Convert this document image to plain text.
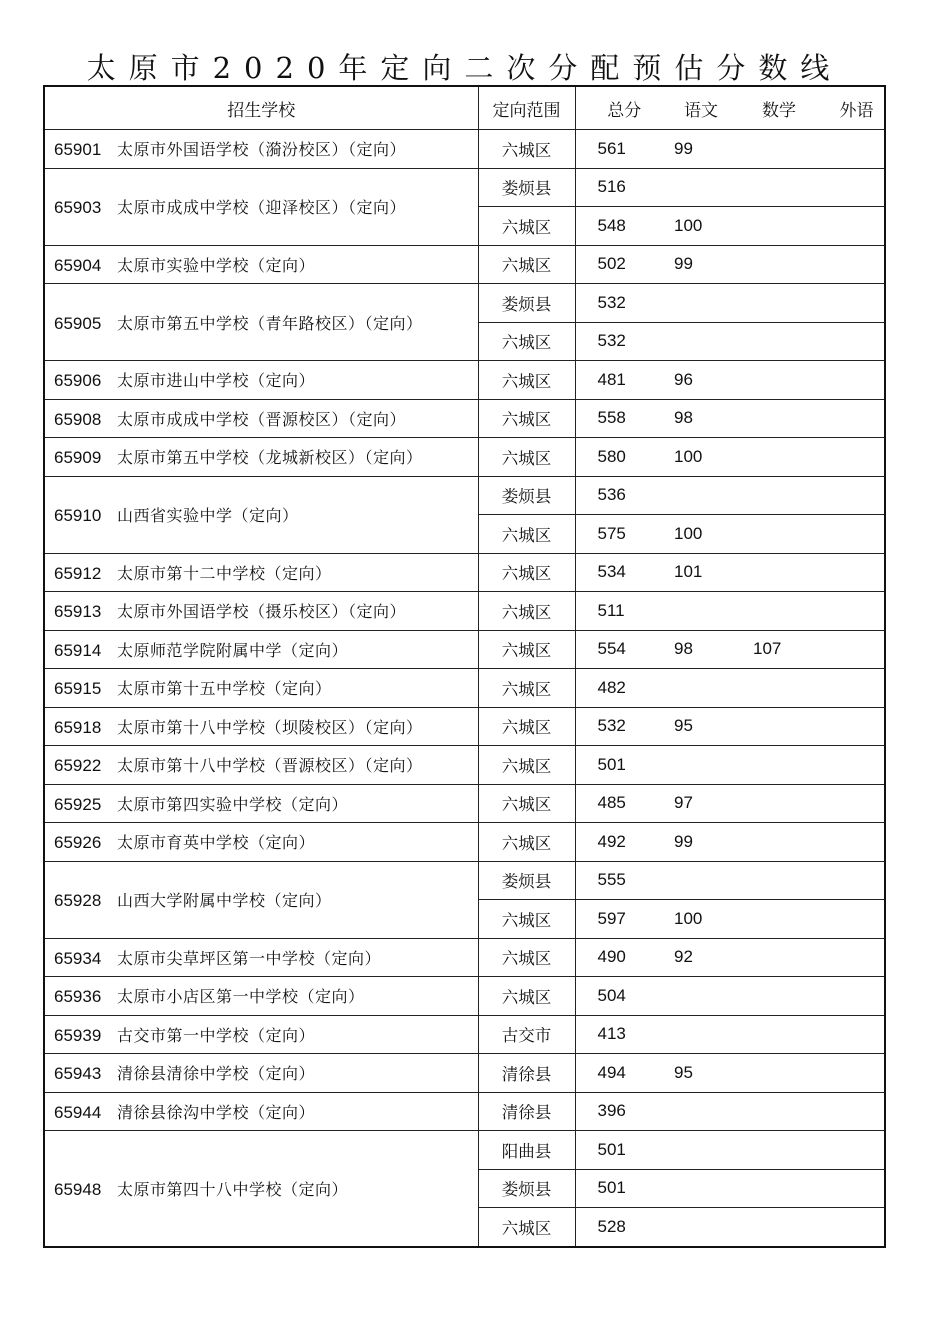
太原市2020年定向二次分配预估分数线
招生学校	定向范围	总分	语文	数学	外语
65901 太原市外国语学校（漪汾校区）（定向）	六城区	561	99		
65903 太原市成成中学校（迎泽校区）（定向）	娄烦县	516			
	六城区	548	100		
65904 太原市实验中学校（定向）	六城区	502	99		
65905 太原市第五中学校（青年路校区）（定向）	娄烦县	532			
	六城区	532			
65906 太原市进山中学校（定向）	六城区	481	96		
65908 太原市成成中学校（晋源校区）（定向）	六城区	558	98		
65909 太原市第五中学校（龙城新校区）（定向）	六城区	580	100		
65910 山西省实验中学（定向）	娄烦县	536			
	六城区	575	100		
65912 太原市第十二中学校（定向）	六城区	534	101		
65913 太原市外国语学校（摄乐校区）（定向）	六城区	511			
65914 太原师范学院附属中学（定向）	六城区	554	98	107	
65915 太原市第十五中学校（定向）	六城区	482			
65918 太原市第十八中学校（坝陵校区）（定向）	六城区	532	95		
65922 太原市第十八中学校（晋源校区）（定向）	六城区	501			
65925 太原市第四实验中学校（定向）	六城区	485	97		
65926 太原市育英中学校（定向）	六城区	492	99		
65928 山西大学附属中学校（定向）	娄烦县	555			
	六城区	597	100		
65934 太原市尖草坪区第一中学校（定向）	六城区	490	92		
65936 太原市小店区第一中学校（定向）	六城区	504			
65939 古交市第一中学校（定向）	古交市	413			
65943 清徐县清徐中学校（定向）	清徐县	494	95		
65944 清徐县徐沟中学校（定向）	清徐县	396			
65948 太原市第四十八中学校（定向）	阳曲县	501			
	娄烦县	501			
	六城区	528			
